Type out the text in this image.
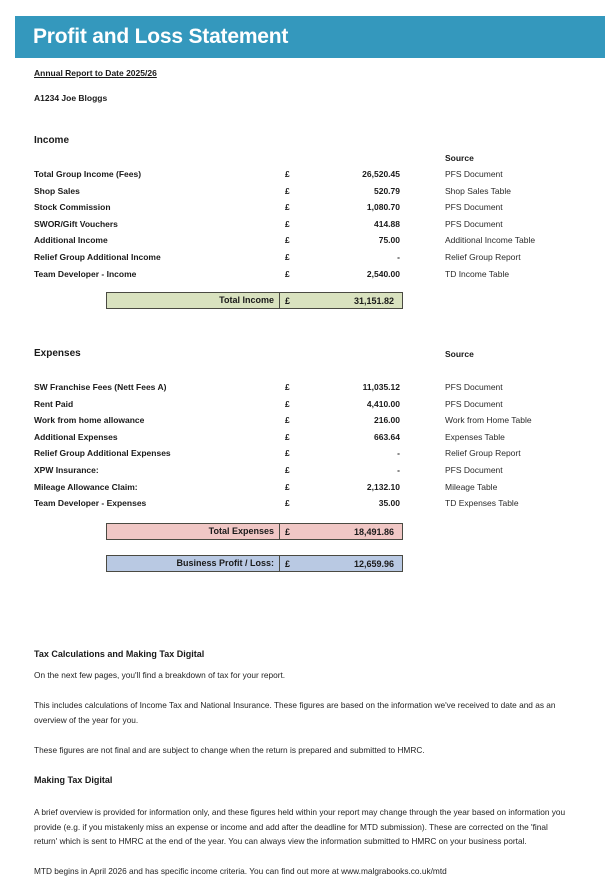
Profit and Loss Statement
Annual Report to Date 2025/26
A1234 Joe Bloggs
Income
Source
Total Group Income (Fees)	£	26,520.45	PFS Document
Shop Sales	£	520.79	Shop Sales Table
Stock Commission	£	1,080.70	PFS Document
SWOR/Gift Vouchers	£	414.88	PFS Document
Additional Income	£	75.00	Additional Income Table
Relief Group Additional Income	£	-	Relief Group Report
Team Developer - Income	£	2,540.00	TD Income Table
Total Income	£	31,151.82
Expenses	Source
SW Franchise Fees (Nett Fees A)	£	11,035.12	PFS Document
Rent Paid	£	4,410.00	PFS Document
Work from home allowance	£	216.00	Work from Home Table
Additional Expenses	£	663.64	Expenses Table
Relief Group Additional Expenses	£	-	Relief Group Report
XPW Insurance:	£	-	PFS Document
Mileage Allowance Claim:	£	2,132.10	Mileage Table
Team Developer - Expenses	£	35.00	TD Expenses Table
Total Expenses	£	18,491.86
Business Profit / Loss:	£	12,659.96
Tax Calculations and Making Tax Digital
On the next few pages, you'll find a breakdown of tax for your report.
This includes calculations of Income Tax and National Insurance. These figures are based on the information we've received to date and as an overview of the year for you.
These figures are not final and are subject to change when the return is prepared and submitted to HMRC.
Making Tax Digital
A brief overview is provided for information only, and these figures held within your report may change through the year based on information you provide (e.g. if you mistakenly miss an expense or income and add after the deadline for MTD submission). These are corrected on the 'final return' which is sent to HMRC at the end of the year. You can always view the information submitted to HMRC on your business portal.
MTD begins in April 2026 and has specific income criteria. You can find out more at www.malgrabooks.co.uk/mtd
